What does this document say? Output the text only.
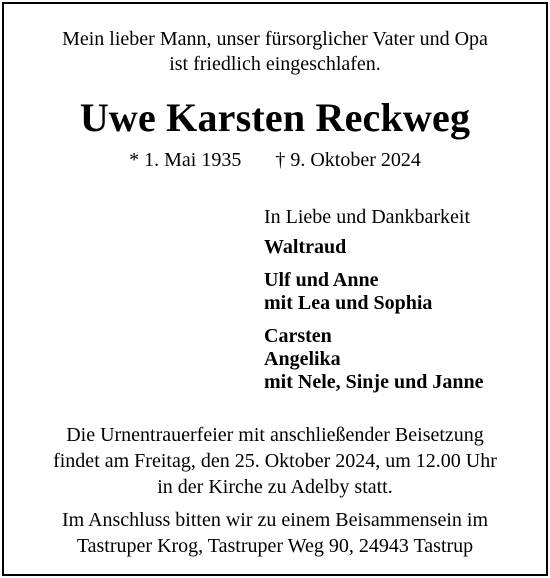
Mein lieber Mann, unser fürsorglicher Vater und Opa
ist friedlich eingeschlafen.
Uwe Karsten Reckweg
* 1. Mai 1935 † 9. Oktober 2024
In Liebe und Dankbarkeit
Waltraud
Ulf und Anne
mit Lea und Sophia
Carsten
Angelika
mit Nele, Sinje und Janne
Die Urnentrauerfeier mit anschließender Beisetzung
findet am Freitag, den 25. Oktober 2024, um 12.00 Uhr
in der Kirche zu Adelby statt.
Im Anschluss bitten wir zu einem Beisammensein im
Tastruper Krog, Tastruper Weg 90, 24943 Tastrup
